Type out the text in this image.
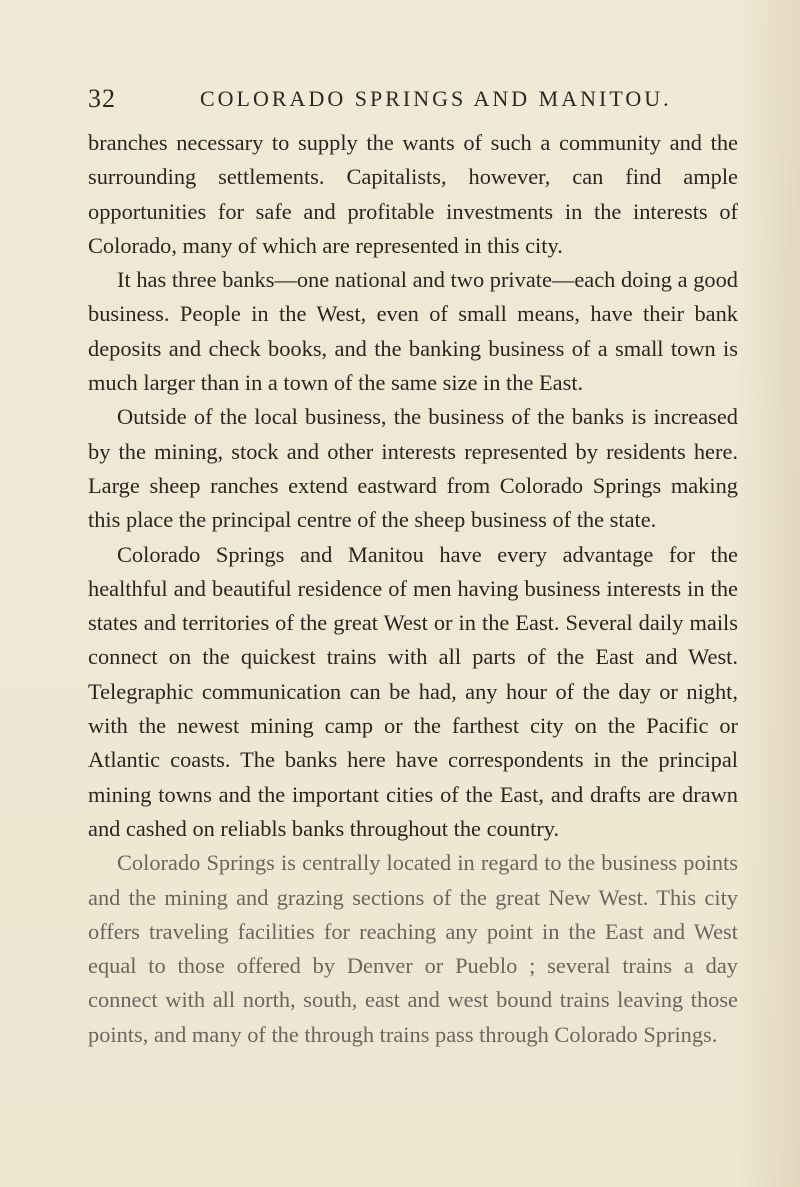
32	COLORADO SPRINGS AND MANITOU.

branches necessary to supply the wants of such a community and the surrounding settlements. Capitalists, however, can find ample opportunities for safe and profitable investments in the interests of Colorado, many of which are represented in this city.

It has three banks—one national and two private—each doing a good business. People in the West, even of small means, have their bank deposits and check books, and the banking business of a small town is much larger than in a town of the same size in the East.

Outside of the local business, the business of the banks is increased by the mining, stock and other interests represented by residents here. Large sheep ranches extend eastward from Colorado Springs making this place the principal centre of the sheep business of the state.

Colorado Springs and Manitou have every advantage for the healthful and beautiful residence of men having business interests in the states and territories of the great West or in the East. Several daily mails connect on the quickest trains with all parts of the East and West. Telegraphic communication can be had, any hour of the day or night, with the newest mining camp or the farthest city on the Pacific or Atlantic coasts. The banks here have correspondents in the principal mining towns and the important cities of the East, and drafts are drawn and cashed on reliabls banks throughout the country.

Colorado Springs is centrally located in regard to the business points and the mining and grazing sections of the great New West. This city offers traveling facilities for reaching any point in the East and West equal to those offered by Denver or Pueblo ; several trains a day connect with all north, south, east and west bound trains leaving those points, and many of the through trains pass through Colorado Springs.
